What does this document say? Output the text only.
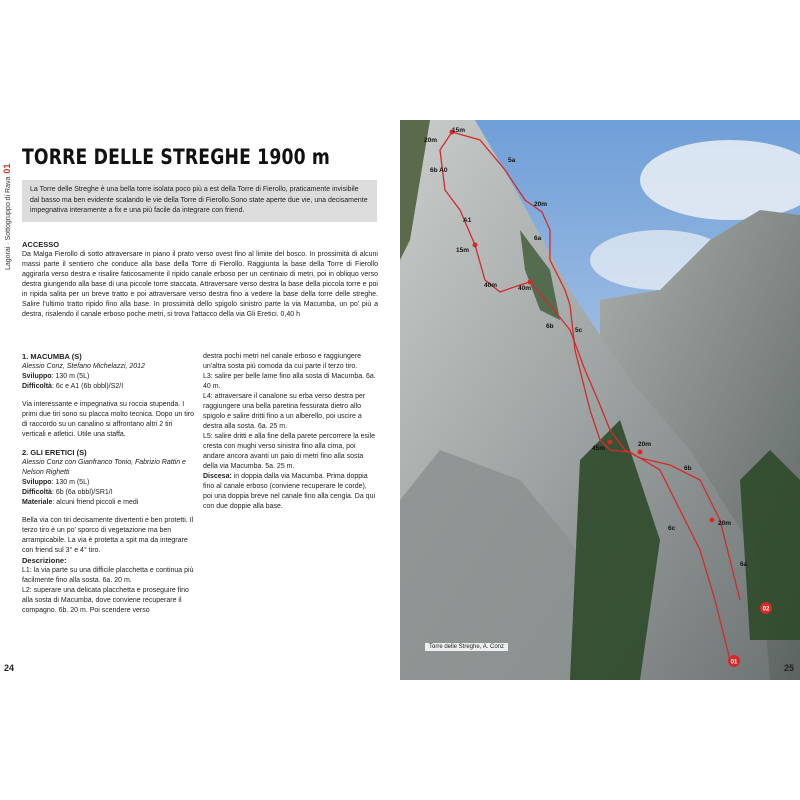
Lagorai · Sottogruppo di Rava01 TORRE DELLE STREGHE 1900 m
La Torre delle Streghe è una bella torre isolata poco più a est della Torre di Fierollo, praticamente invisibile dal basso ma ben evidente scalando le vie della Torre di Fierollo.Sono state aperte due vie, una decisamente impegnativa interamente a fix e una più facile da integrare con friend.

ACCESSO

Da Malga Fierollo di sotto attraversare in piano il prato verso ovest fino al limite del bosco. In prossimità di alcuni massi parte il sentiero che conduce alla base della Torre di Fierollo. Raggiunta la base della Torre di Fierollo aggirarla verso destra e risalire faticosamente il ripido canale erboso per un centinaio di metri, poi in obliquo verso destra giungendo alla base di una piccole torre staccata. Attraversare verso destra la base della piccola torre e poi in ripida salita per un breve tratto e poi attraversare verso destra fino a vedere la base della torre delle streghe. Salire l'ultimo tratto ripido fino alla base. In prossimità dello spigolo sinistro parte la via Macumba, un po' più a destra, risalendo il canale erboso poche metri, si trova l'attacco della via Gli Eretici. 0,40 h

1. MACUMBA (S)

Alessio Conz, Stefano Michelazzi, 2012

Sviluppo: 130 m (5L)

Difficoltà: 6c e A1 (6b obbl)/S2/I

Via interessante e impegnativa su roccia stupenda. I primi due tiri sono su placca molto tecnica. Dopo un tiro di raccordo su un canalino si affrontano altri 2 tiri verticali e atletici. Utile una staffa.

2. GLI ERETICI (S)

Alessio Conz con Gianfranco Tonio, Fabrizio Rattin e Nelson Righetti

Sviluppo: 130 m (5L)

Difficoltà: 6b (6a obbl)/SR1/I

Materiale: alcuni friend piccoli e medi

Bella via con tiri decisamente divertenti e ben protetti. Il terzo tiro è un po' sporco di vegetazione ma ben arrampicabile. La via è protetta a spit ma da integrare con friend sul 3° e 4° tiro.

Descrizione:

L1: la via parte su una difficile placchetta e continua più facilmente fino alla sosta. 6a. 20 m.

L2: superare una delicata placchetta e proseguire fino alla sosta di Macumba, dove conviene recuperare il compagno. 6b. 20 m. Poi scendere verso

destra pochi metri nel canale erboso e raggiungere un'altra sosta più comoda da cui parte il terzo tiro.

L3: salire per belle lame fino alla sosta di Macumba. 6a. 40 m.

L4: attraversare il canalone su erba verso destra per raggiungere una bella paretina fessurata dietro allo spigolo e salire dritti fino a un alberello, poi uscire a destra alla sosta. 6a. 25 m.

L5: salire dritti e alla fine della parete percorrere la esile cresta con mughi verso sinistra fino alla cima, poi andare ancora avanti un paio di metri fino alla sosta della via Macumba. 5a. 25 m.

Discesa: in doppia dalla via Macumba. Prima doppia fino al canale erboso (conviene recuperare le corde), poi una doppia breve nel canale fino alla cengia. Da qui con due doppie alla base.

24
15m
20m
5a
6b A0
A1
20m
6a
15m
40m	40m
6b
5c
45m
20m
6b
6c
20m
6a
02
01
Torre delle Streghe, A. Conz
25
